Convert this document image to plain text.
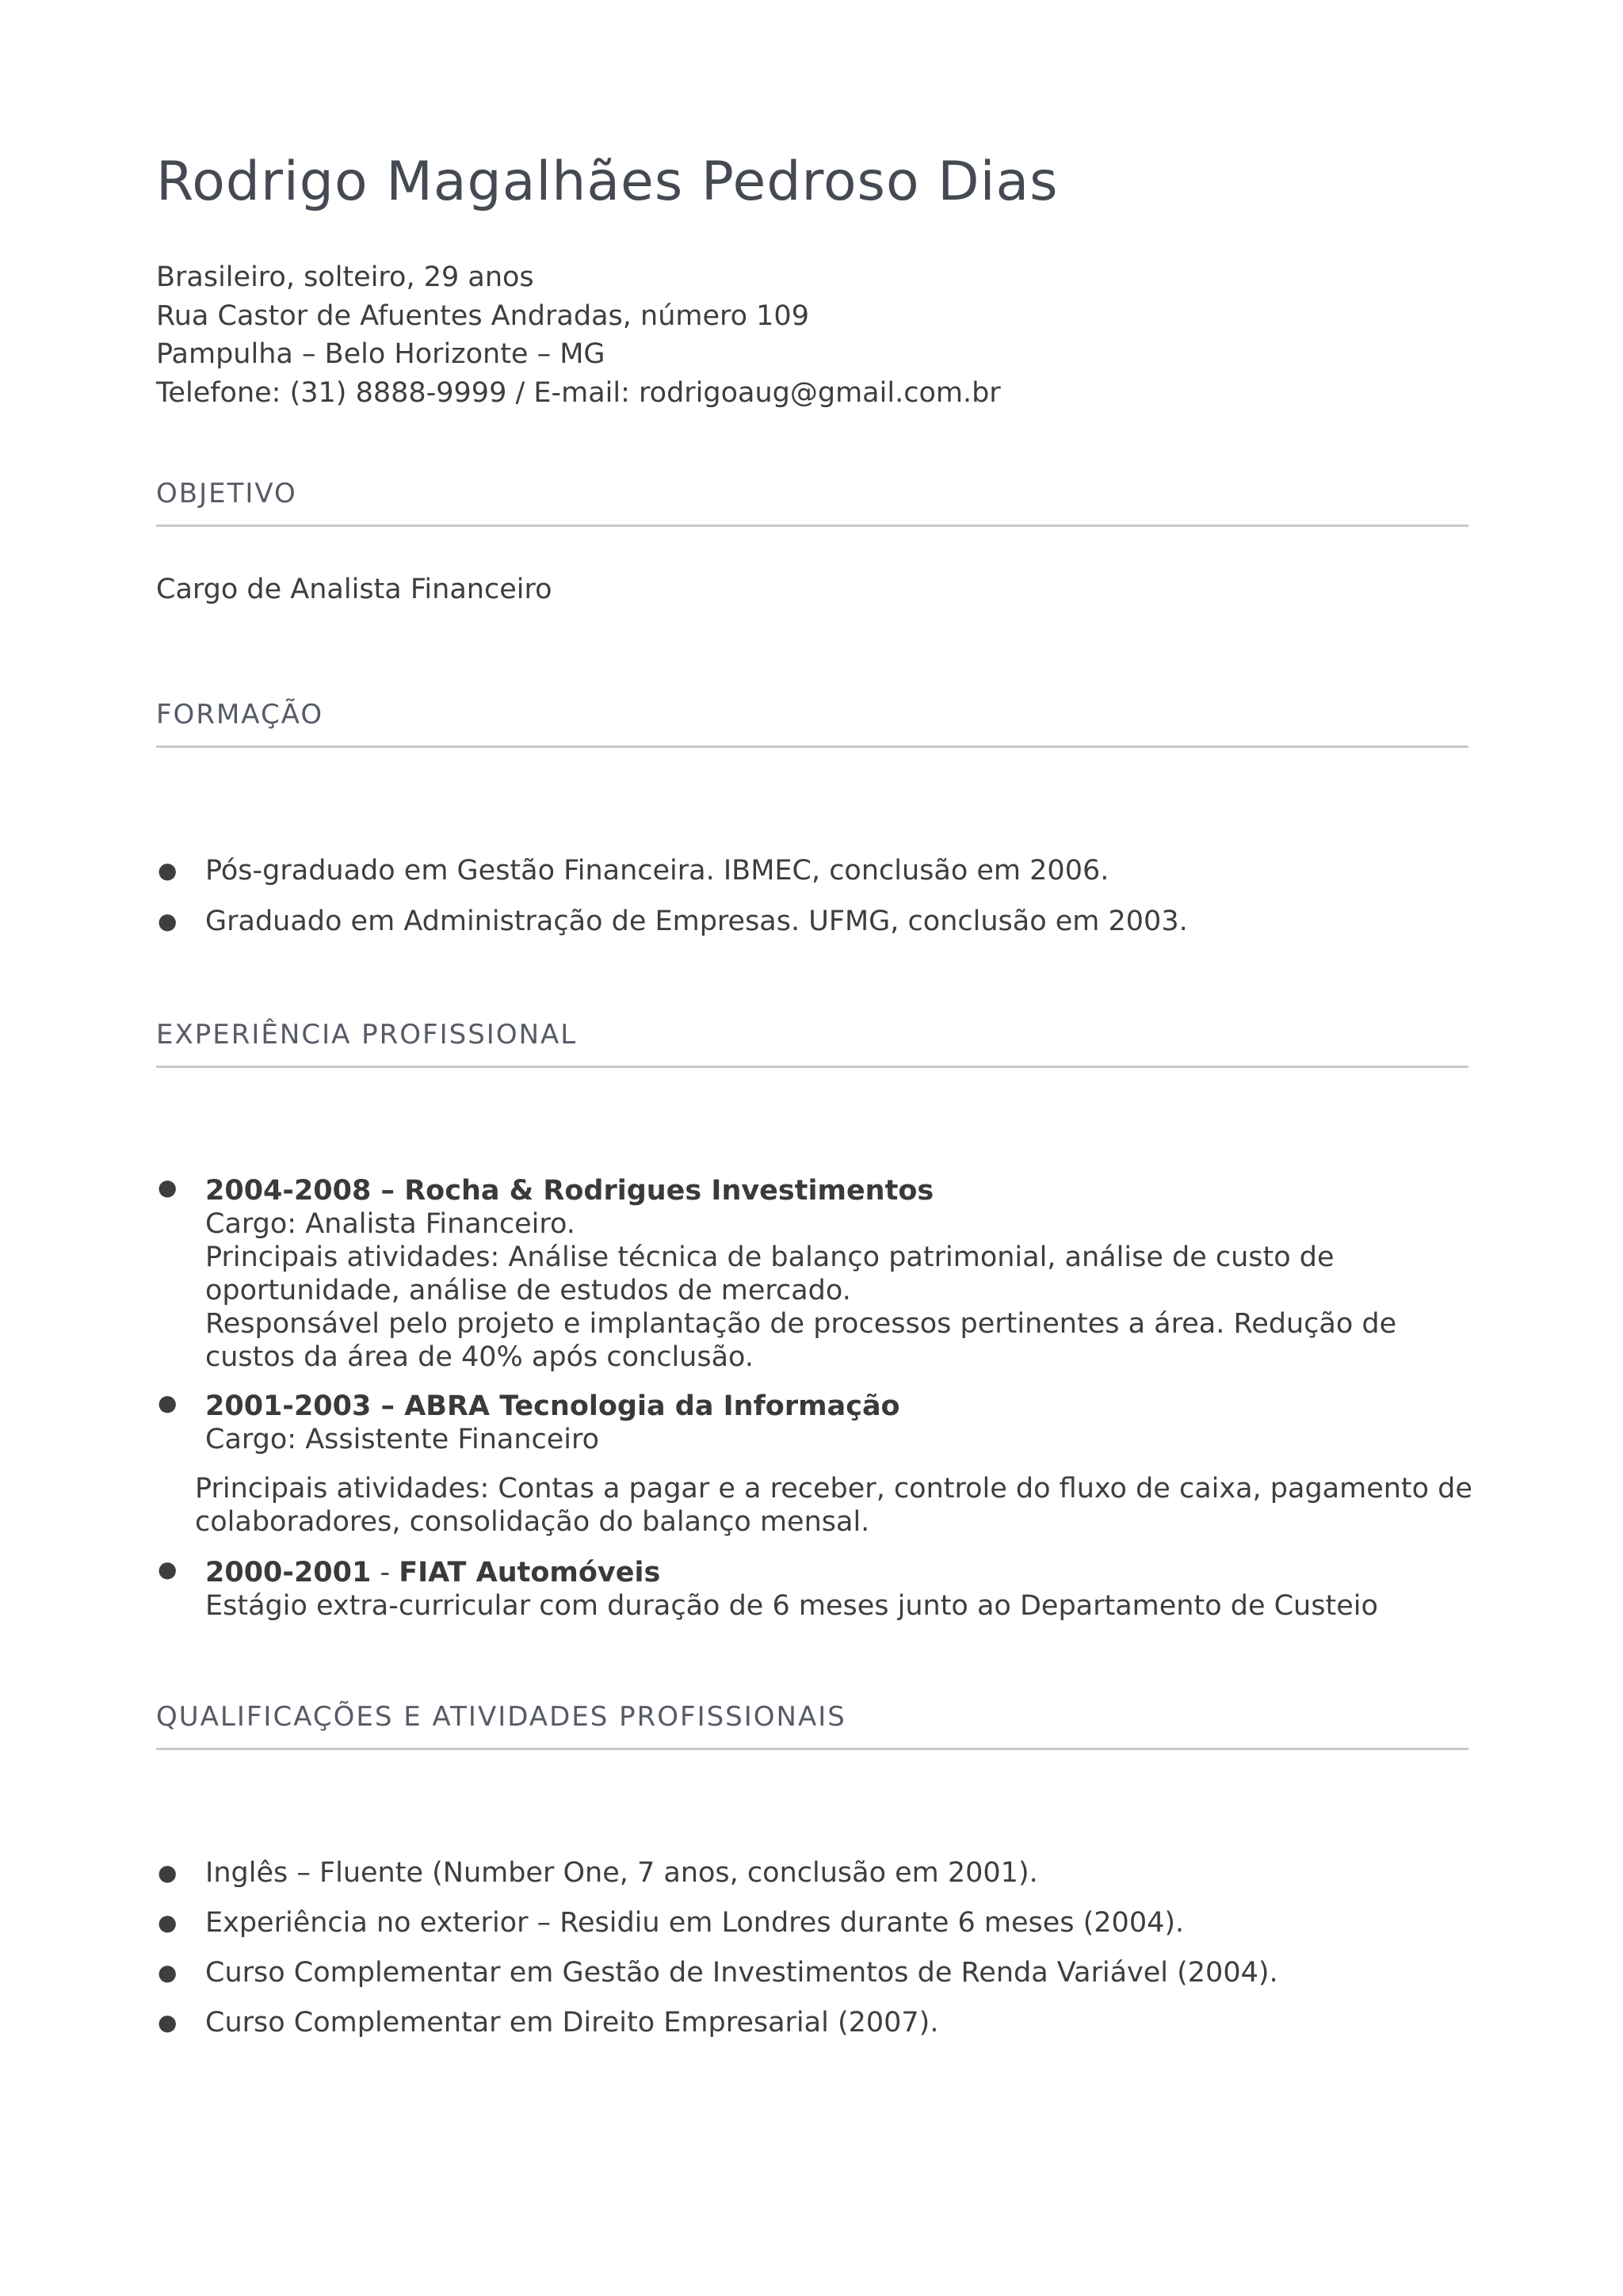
Rodrigo Magalhães Pedroso Dias
Brasileiro, solteiro, 29 anos
Rua Castor de Afuentes Andradas, número 109
Pampulha – Belo Horizonte – MG
Telefone: (31) 8888-9999 / E-mail: rodrigoaug@gmail.com.br
OBJETIVO
Cargo de Analista Financeiro
FORMAÇÃO
● Pós-graduado em Gestão Financeira. IBMEC, conclusão em 2006.
● Graduado em Administração de Empresas. UFMG, conclusão em 2003.
EXPERIÊNCIA PROFISSIONAL
● 2004-2008 – Rocha & Rodrigues Investimentos
Cargo: Analista Financeiro.
Principais atividades: Análise técnica de balanço patrimonial, análise de custo de
oportunidade, análise de estudos de mercado.
Responsável pelo projeto e implantação de processos pertinentes a área. Redução de
custos da área de 40% após conclusão.
● 2001-2003 – ABRA Tecnologia da Informação
Cargo: Assistente Financeiro
Principais atividades: Contas a pagar e a receber, controle do fluxo de caixa, pagamento de
colaboradores, consolidação do balanço mensal.
● 2000-2001 - FIAT Automóveis
Estágio extra-curricular com duração de 6 meses junto ao Departamento de Custeio
QUALIFICAÇÕES E ATIVIDADES PROFISSIONAIS
● Inglês – Fluente (Number One, 7 anos, conclusão em 2001).
● Experiência no exterior – Residiu em Londres durante 6 meses (2004).
● Curso Complementar em Gestão de Investimentos de Renda Variável (2004).
● Curso Complementar em Direito Empresarial (2007).
